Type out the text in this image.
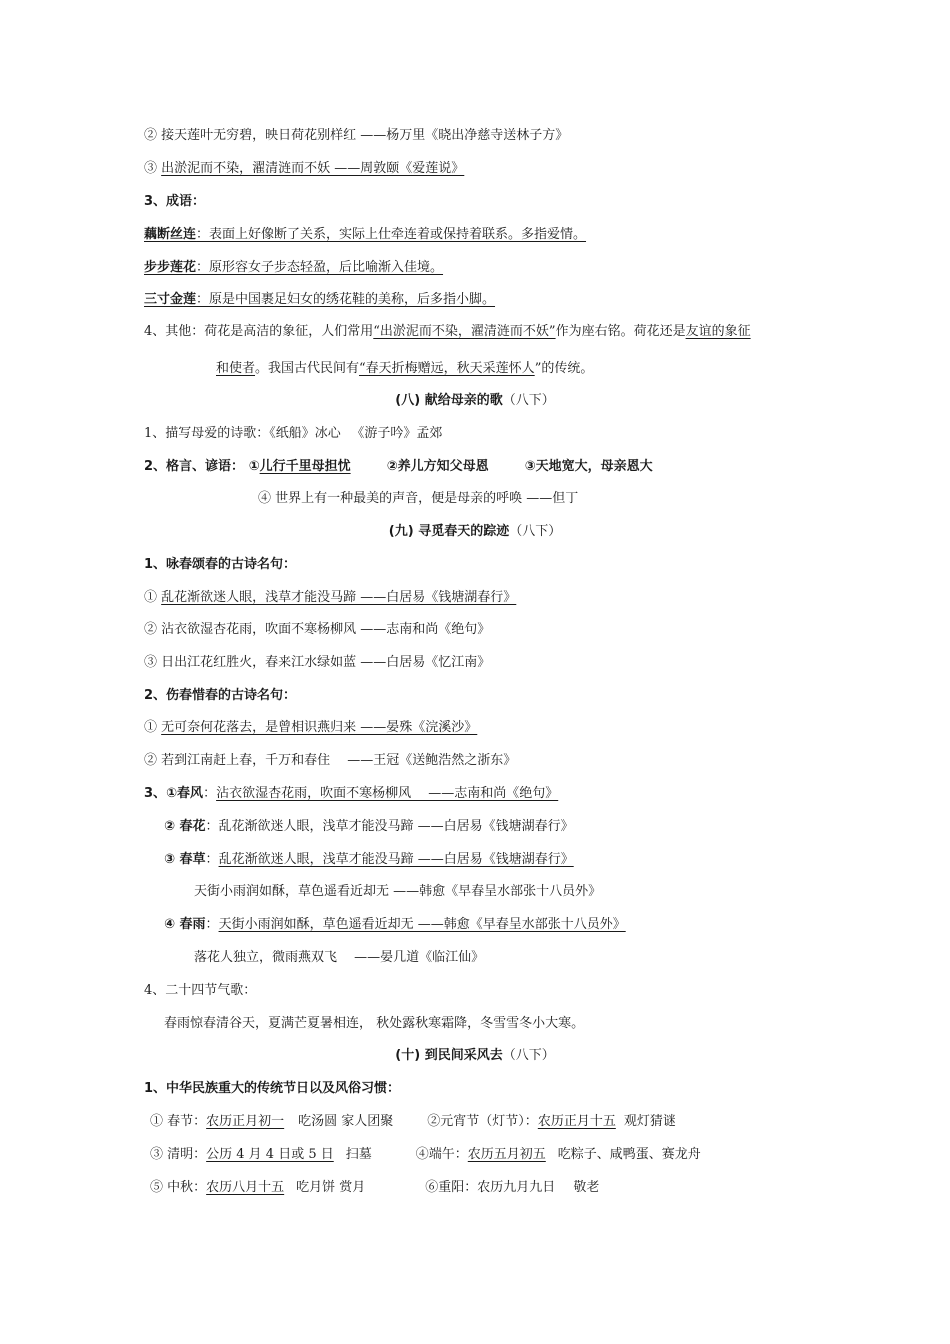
② 接天莲叶无穷碧，映日荷花别样红 ——杨万里《晓出净慈寺送林子方》
③ 出淤泥而不染，濯清涟而不妖 ——周敦颐《爱莲说》
3、成语：
藕断丝连：表面上好像断了关系，实际上仕牵连着或保持着联系。多指爱情。
步步莲花：原形容女子步态轻盈，后比喻渐入佳境。
三寸金莲：原是中国裹足妇女的绣花鞋的美称，后多指小脚。
4、其他：荷花是高洁的象征，人们常用“出淤泥而不染，濯清涟而不妖”作为座右铭。荷花还是友谊的象征
和使者。我国古代民间有“春天折梅赠远，秋天采莲怀人”的传统。
(八) 献给母亲的歌（八下）
1、描写母爱的诗歌：《纸船》冰心 　《游子吟》孟郊
2、格言、谚语： ①儿行千里母担忧	②养儿方知父母恩	③天地宽大，母亲恩大
④ 世界上有一种最美的声音，便是母亲的呼唤 ——但丁
(九) 寻觅春天的踪迹（八下）
1、咏春颂春的古诗名句：
① 乱花渐欲迷人眼，浅草才能没马蹄 ——白居易《钱塘湖春行》
② 沾衣欲湿杏花雨，吹面不寒杨柳风 ——志南和尚《绝句》
③ 日出江花红胜火，春来江水绿如蓝 ——白居易《忆江南》
2、伤春惜春的古诗名句：
① 无可奈何花落去，是曾相识燕归来 ——晏殊《浣溪沙》
② 若到江南赶上春，千万和春住 　——王冠《送鲍浩然之浙东》
3、①春风：沾衣欲湿杏花雨，吹面不寒杨柳风 　——志南和尚《绝句》
② 春花：乱花渐欲迷人眼，浅草才能没马蹄 ——白居易《钱塘湖春行》
③ 春草：乱花渐欲迷人眼，浅草才能没马蹄 ——白居易《钱塘湖春行》
天街小雨润如酥，草色遥看近却无 ——韩愈《早春呈水部张十八员外》
④ 春雨：天街小雨润如酥，草色遥看近却无 ——韩愈《早春呈水部张十八员外》
落花人独立，微雨燕双飞 　——晏几道《临江仙》
4、二十四节气歌：
春雨惊春清谷天，夏满芒夏暑相连， 秋处露秋寒霜降，冬雪雪冬小大寒。
(十) 到民间采风去（八下）
1、中华民族重大的传统节日以及风俗习惯：
① 春节：农历正月初一 吃汤圆 家人团聚	②元宵节（灯节）：农历正月十五 观灯猜谜
③ 清明：公历 4 月 4 日或 5 日 扫墓	④端午：农历五月初五 吃粽子、咸鸭蛋、赛龙舟
⑤ 中秋：农历八月十五 吃月饼 赏月	⑥重阳：农历九月九日 敬老
